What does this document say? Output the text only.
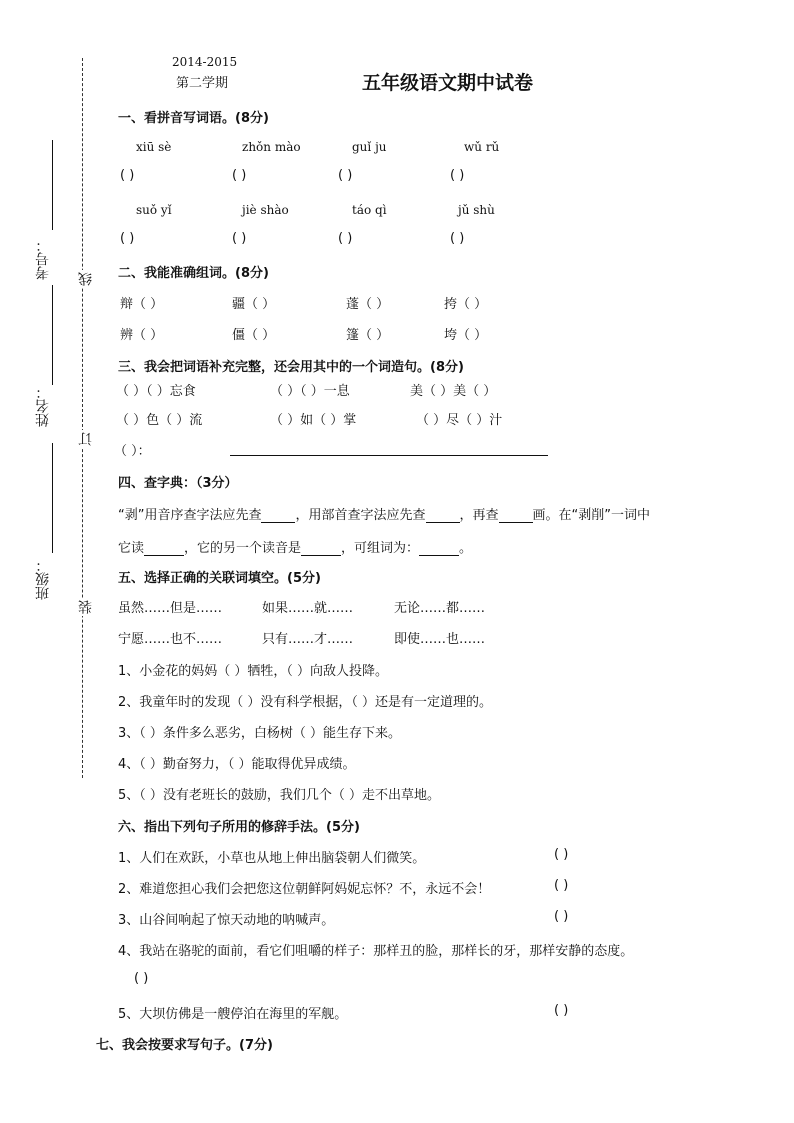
考号：
姓名：
班级：
线
订
装
2014-2015
第二学期	五年级语文期中试卷
一、看拼音写词语。(8分)
xiū sè	zhǒn mào	guǐ ju	wǔ rǔ
( )	( )	( )	( )
suǒ yǐ	jiè shào	táo qì	jǔ shù
( )	( )	( )	( )
二、我能准确组词。(8分)
辩（ ）	疆（ ）	蓬（ ）	挎（ ）
辨（ ）	僵（ ）	篷（ ）	垮（ ）
三、我会把词语补充完整，还会用其中的一个词造句。(8分)
（ ）（ ）忘食	（ ）（ ）一息	美（ ）美（ ）
（ ）色（ ）流	（ ）如（ ）掌	（ ）尽（ ）汁
（ ）：
四、查字典：（3分）
“剥”用音序查字法应先查	，用部首查字法应先查	，再查	画。在“剥削”一词中
它读	，它的另一个读音是	，可组词为：	。
五、选择正确的关联词填空。(5分)
虽然……但是……	如果……就……	无论……都……
宁愿……也不……	只有……才……	即使……也……
1、小金花的妈妈（ ）牺牲，（ ）向敌人投降。
2、我童年时的发现（ ）没有科学根据，（ ）还是有一定道理的。
3、（ ）条件多么恶劣，白杨树（ ）能生存下来。
4、（ ）勤奋努力，（ ）能取得优异成绩。
5、（ ）没有老班长的鼓励，我们几个（ ）走不出草地。
六、指出下列句子所用的修辞手法。(5分)
1、人们在欢跃，小草也从地上伸出脑袋朝人们微笑。	( )
2、难道您担心我们会把您这位朝鲜阿妈妮忘怀？不，永远不会！	( )
3、山谷间响起了惊天动地的呐喊声。	( )
4、我站在骆驼的面前，看它们咀嚼的样子：那样丑的脸，那样长的牙，那样安静的态度。
( )
5、大坝仿佛是一艘停泊在海里的军舰。	( )
七、我会按要求写句子。(7分)
